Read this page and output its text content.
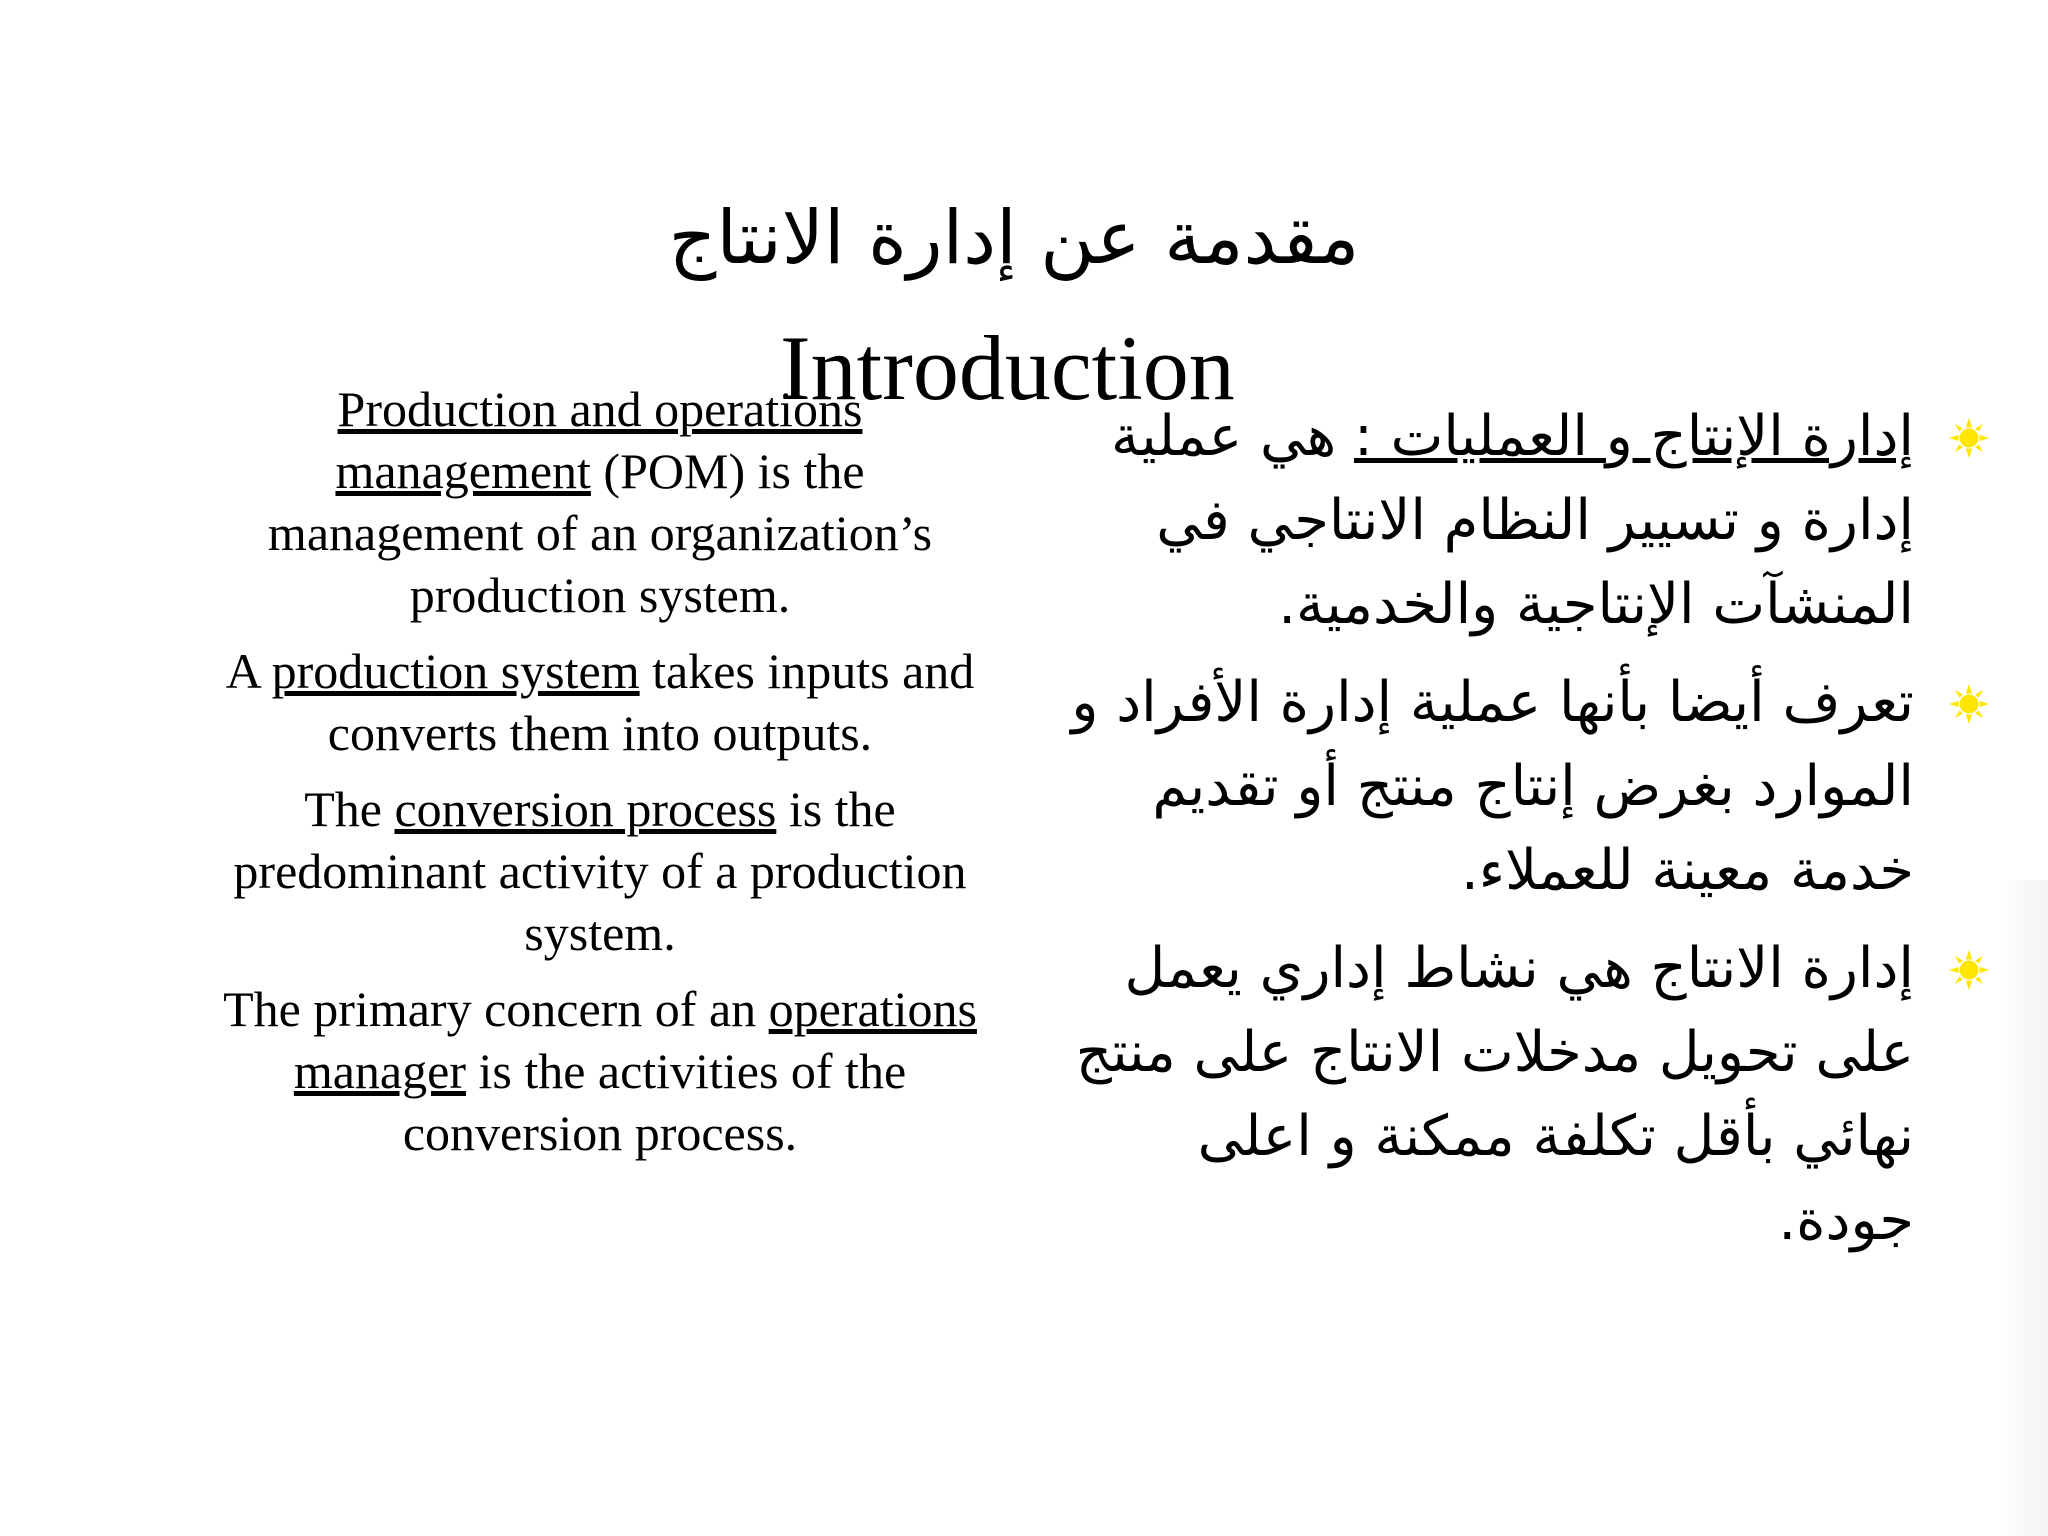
مقدمة عن إدارة الانتاج
Introduction

Production and operations management (POM) is the management of an organization’s production system.

A production system takes inputs and converts them into outputs.

The conversion process is the predominant activity of a production system.

The primary concern of an operations manager is the activities of the conversion process.

إدارة الإنتاج و العمليات : هي عملية إدارة و تسيير النظام الانتاجي في المنشآت الإنتاجية والخدمية.
تعرف أيضا بأنها عملية إدارة الأفراد و الموارد بغرض إنتاج منتج أو تقديم خدمة معينة للعملاء.
إدارة الانتاج هي نشاط إداري يعمل على تحويل مدخلات الانتاج على منتج نهائي بأقل تكلفة ممكنة و اعلى جودة.
